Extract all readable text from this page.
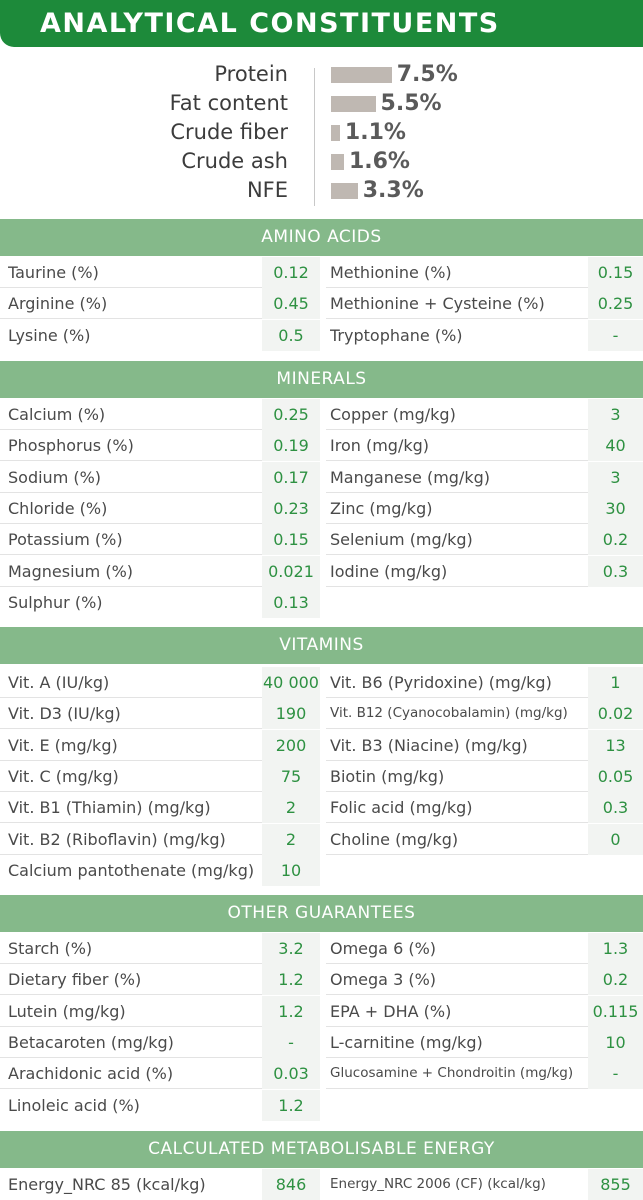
ANALYTICAL CONSTITUENTS
Protein	7.5%
Fat content	5.5%
Crude fiber	1.1%
Crude ash	1.6%
NFE	3.3%
AMINO ACIDS
Taurine (%)	0.12	Methionine (%)	0.15
Arginine (%)	0.45	Methionine + Cysteine (%)	0.25
Lysine (%)	0.5	Tryptophane (%)	-
MINERALS
Calcium (%)	0.25	Copper (mg/kg)	3
Phosphorus (%)	0.19	Iron (mg/kg)	40
Sodium (%)	0.17	Manganese (mg/kg)	3
Chloride (%)	0.23	Zinc (mg/kg)	30
Potassium (%)	0.15	Selenium (mg/kg)	0.2
Magnesium (%)	0.021	Iodine (mg/kg)	0.3
Sulphur (%)	0.13
VITAMINS
Vit. A (IU/kg)	40 000 Vit. B6 (Pyridoxine) (mg/kg)	1
Vit. D3 (IU/kg)	190	Vit. B12 (Cyanocobalamin) (mg/kg)	0.02
Vit. E (mg/kg)	200	Vit. B3 (Niacine) (mg/kg)	13
Vit. C (mg/kg)	75	Biotin (mg/kg)	0.05
Vit. B1 (Thiamin) (mg/kg)	2	Folic acid (mg/kg)	0.3
Vit. B2 (Riboflavin) (mg/kg)	2	Choline (mg/kg)	0
Calcium pantothenate (mg/kg)	10
OTHER GUARANTEES
Starch (%)	3.2	Omega 6 (%)	1.3
Dietary fiber (%)	1.2	Omega 3 (%)	0.2
Lutein (mg/kg)	1.2	EPA + DHA (%)	0.115
Betacaroten (mg/kg)	-	L-carnitine (mg/kg)	10
Arachidonic acid (%)	0.03	Glucosamine + Chondroitin (mg/kg)	-
Linoleic acid (%)	1.2
CALCULATED METABOLISABLE ENERGY
Energy_NRC 85 (kcal/kg)	846	Energy_NRC 2006 (CF) (kcal/kg)	855
